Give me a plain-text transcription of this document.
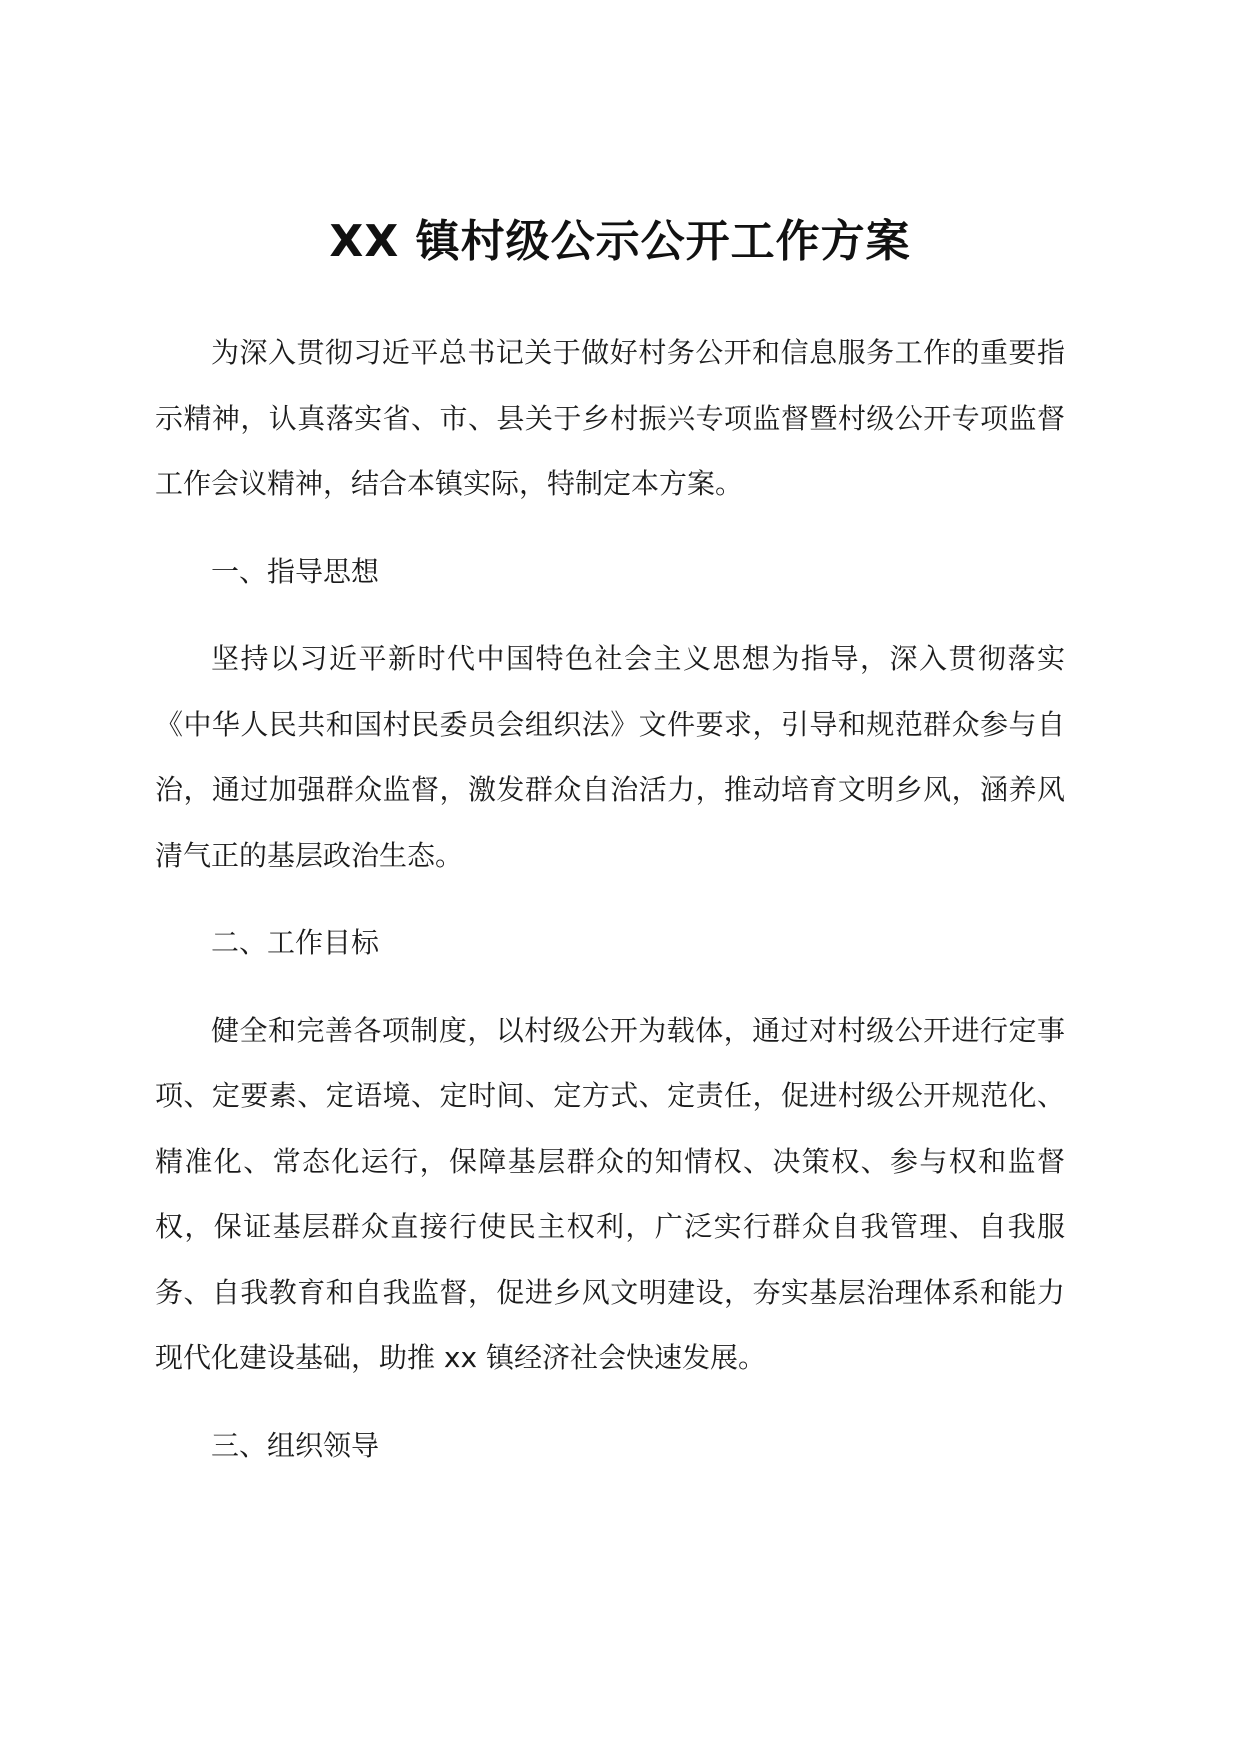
XX 镇村级公示公开工作方案

为深入贯彻习近平总书记关于做好村务公开和信息服务工作的重要指示精神，认真落实省、市、县关于乡村振兴专项监督暨村级公开专项监督工作会议精神，结合本镇实际，特制定本方案。

一、指导思想

坚持以习近平新时代中国特色社会主义思想为指导，深入贯彻落实《中华人民共和国村民委员会组织法》文件要求，引导和规范群众参与自治，通过加强群众监督，激发群众自治活力，推动培育文明乡风，涵养风清气正的基层政治生态。

二、工作目标

健全和完善各项制度，以村级公开为载体，通过对村级公开进行定事项、定要素、定语境、定时间、定方式、定责任，促进村级公开规范化、精准化、常态化运行，保障基层群众的知情权、决策权、参与权和监督权，保证基层群众直接行使民主权利，广泛实行群众自我管理、自我服务、自我教育和自我监督，促进乡风文明建设，夯实基层治理体系和能力现代化建设基础，助推 xx 镇经济社会快速发展。

三、组织领导
